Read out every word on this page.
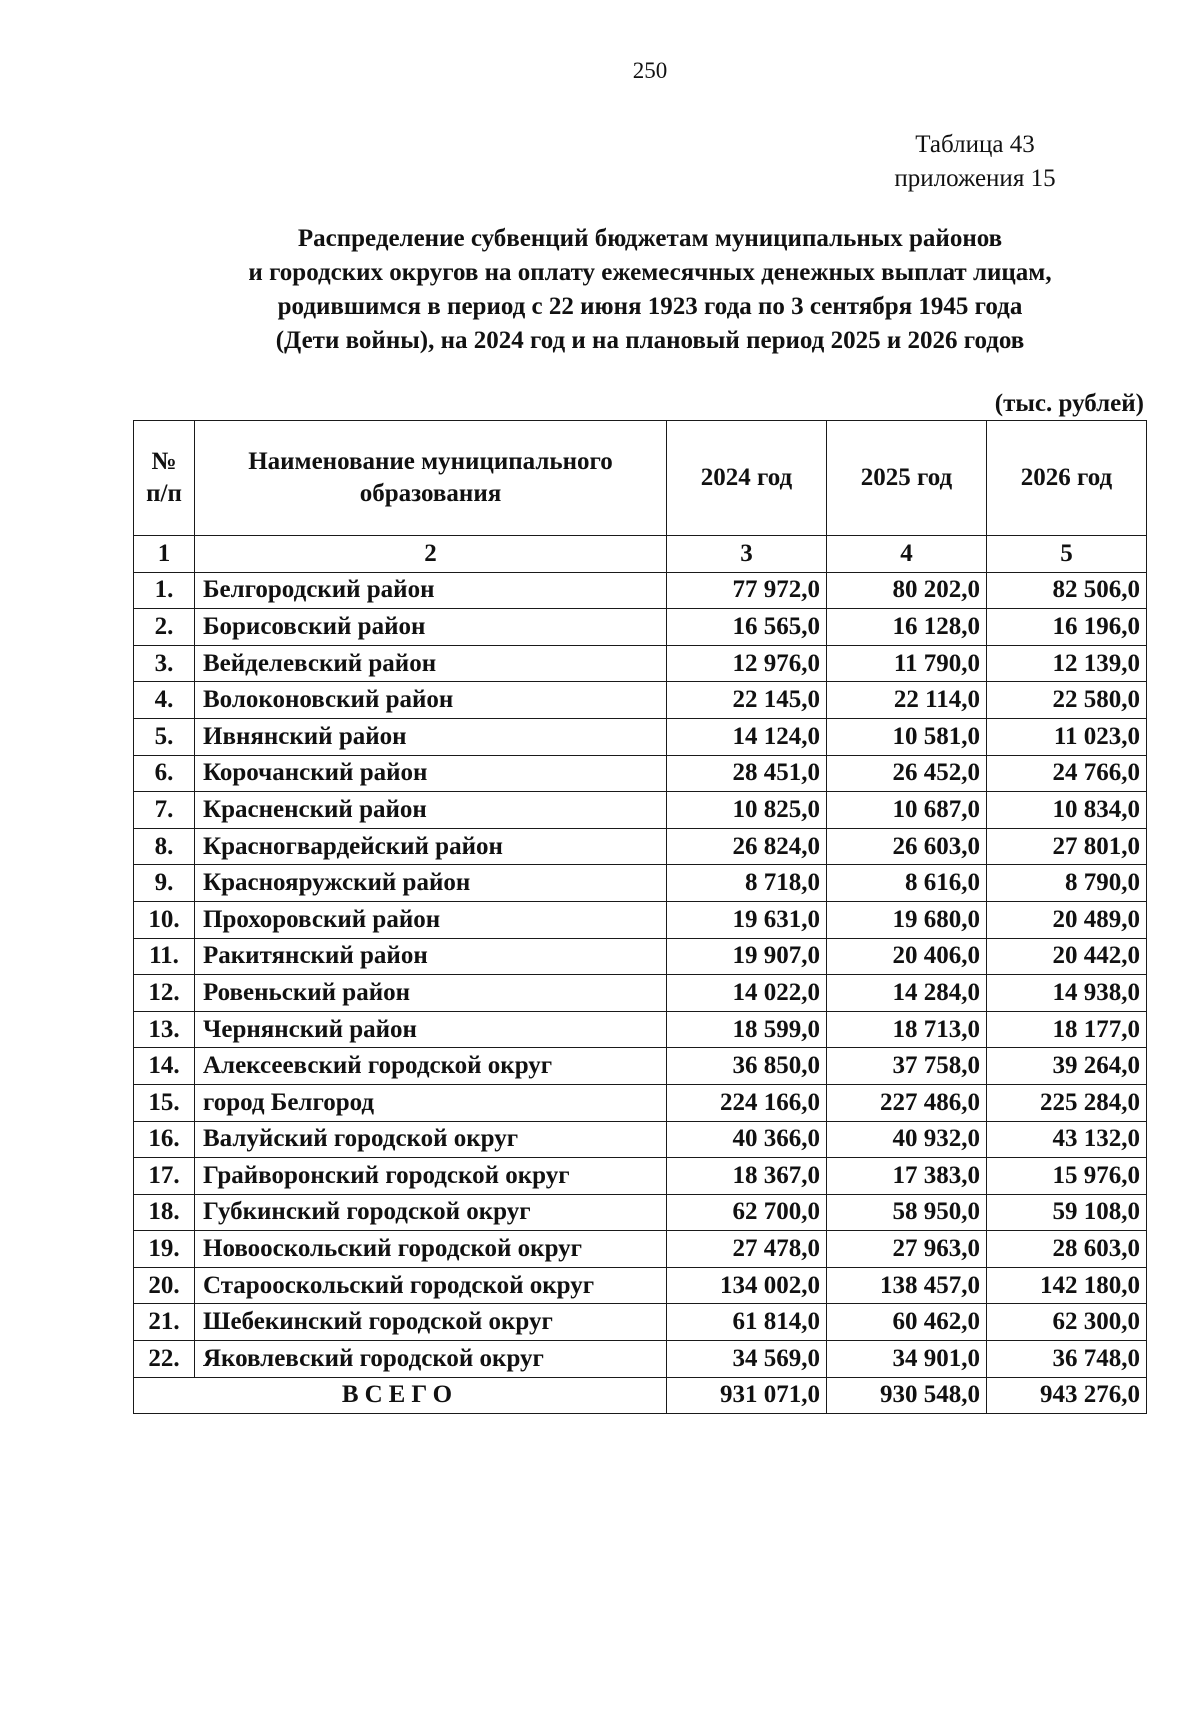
250
Таблица 43
приложения 15
Распределение субвенций бюджетам муниципальных районов
и городских округов на оплату ежемесячных денежных выплат лицам,
родившимся в период с 22 июня 1923 года по 3 сентября 1945 года
(Дети войны), на 2024 год и на плановый период 2025 и 2026 годов
(тыс. рублей)
№ п/п	Наименование муниципального образования	2024 год	2025 год	2026 год
1	2	3	4	5
1.	Белгородский район	77 972,0	80 202,0	82 506,0
2.	Борисовский район	16 565,0	16 128,0	16 196,0
3.	Вейделевский район	12 976,0	11 790,0	12 139,0
4.	Волоконовский район	22 145,0	22 114,0	22 580,0
5.	Ивнянский район	14 124,0	10 581,0	11 023,0
6.	Корочанский район	28 451,0	26 452,0	24 766,0
7.	Красненский район	10 825,0	10 687,0	10 834,0
8.	Красногвардейский район	26 824,0	26 603,0	27 801,0
9.	Краснояружский район	8 718,0	8 616,0	8 790,0
10.	Прохоровский район	19 631,0	19 680,0	20 489,0
11.	Ракитянский район	19 907,0	20 406,0	20 442,0
12.	Ровеньский район	14 022,0	14 284,0	14 938,0
13.	Чернянский район	18 599,0	18 713,0	18 177,0
14.	Алексеевский городской округ	36 850,0	37 758,0	39 264,0
15.	город Белгород	224 166,0	227 486,0	225 284,0
16.	Валуйский городской округ	40 366,0	40 932,0	43 132,0
17.	Грайворонский городской округ	18 367,0	17 383,0	15 976,0
18.	Губкинский городской округ	62 700,0	58 950,0	59 108,0
19.	Новооскольский городской округ	27 478,0	27 963,0	28 603,0
20.	Старооскольский городской округ	134 002,0	138 457,0	142 180,0
21.	Шебекинский городской округ	61 814,0	60 462,0	62 300,0
22.	Яковлевский городской округ	34 569,0	34 901,0	36 748,0
ВСЕГО		931 071,0	930 548,0	943 276,0
